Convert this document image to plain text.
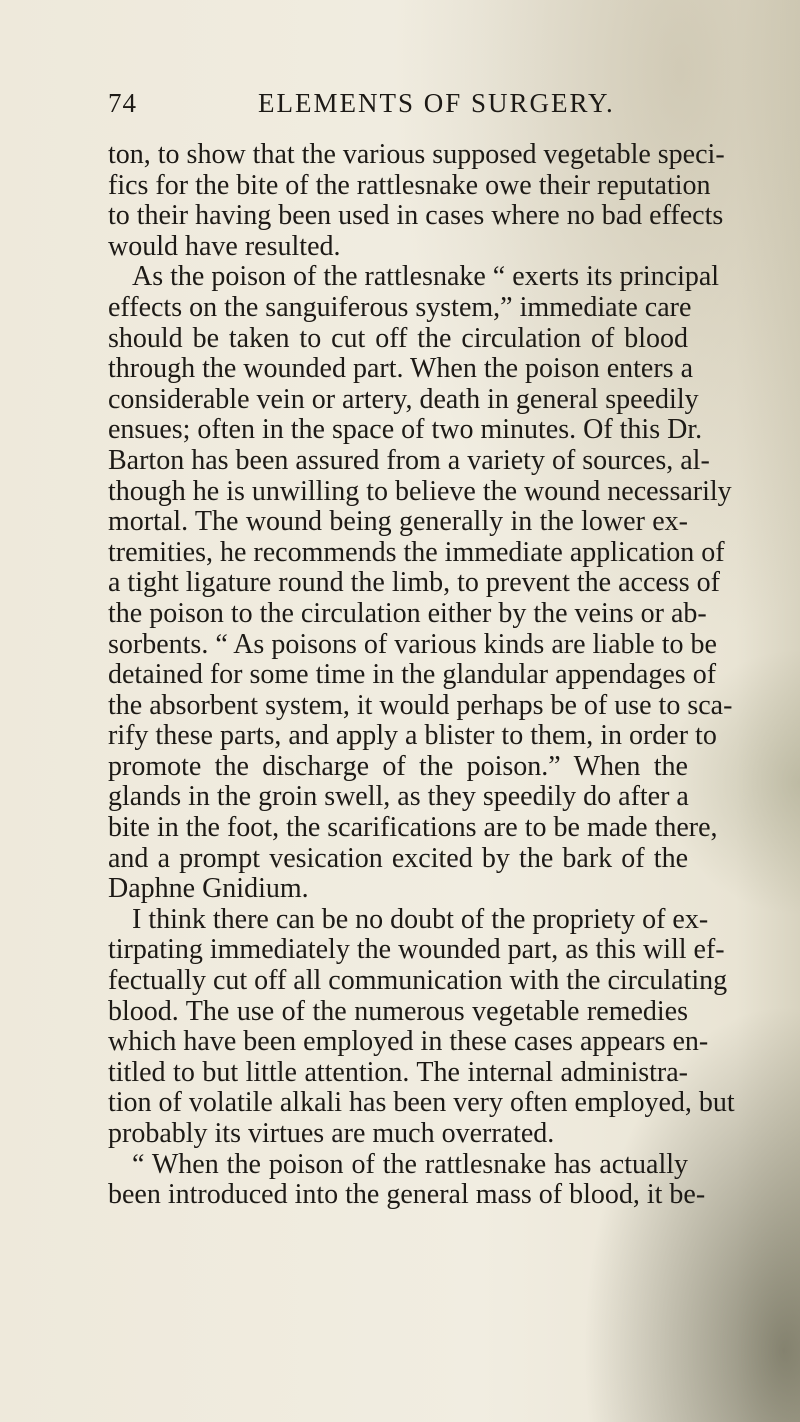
74	ELEMENTS OF SURGERY.
ton, to show that the various supposed vegetable speci-
fics for the bite of the rattlesnake owe their reputation
to their having been used in cases where no bad effects
would have resulted.
As the poison of the rattlesnake “ exerts its principal
effects on the sanguiferous system,” immediate care
should be taken to cut off the circulation of blood
through the wounded part. When the poison enters a
considerable vein or artery, death in general speedily
ensues; often in the space of two minutes. Of this Dr.
Barton has been assured from a variety of sources, al-
though he is unwilling to believe the wound necessarily
mortal. The wound being generally in the lower ex-
tremities, he recommends the immediate application of
a tight ligature round the limb, to prevent the access of
the poison to the circulation either by the veins or ab-
sorbents. “ As poisons of various kinds are liable to be
detained for some time in the glandular appendages of
the absorbent system, it would perhaps be of use to sca-
rify these parts, and apply a blister to them, in order to
promote the discharge of the poison.” When the
glands in the groin swell, as they speedily do after a
bite in the foot, the scarifications are to be made there,
and a prompt vesication excited by the bark of the
Daphne Gnidium.
I think there can be no doubt of the propriety of ex-
tirpating immediately the wounded part, as this will ef-
fectually cut off all communication with the circulating
blood. The use of the numerous vegetable remedies
which have been employed in these cases appears en-
titled to but little attention. The internal administra-
tion of volatile alkali has been very often employed, but
probably its virtues are much overrated.
“ When the poison of the rattlesnake has actually
been introduced into the general mass of blood, it be-
